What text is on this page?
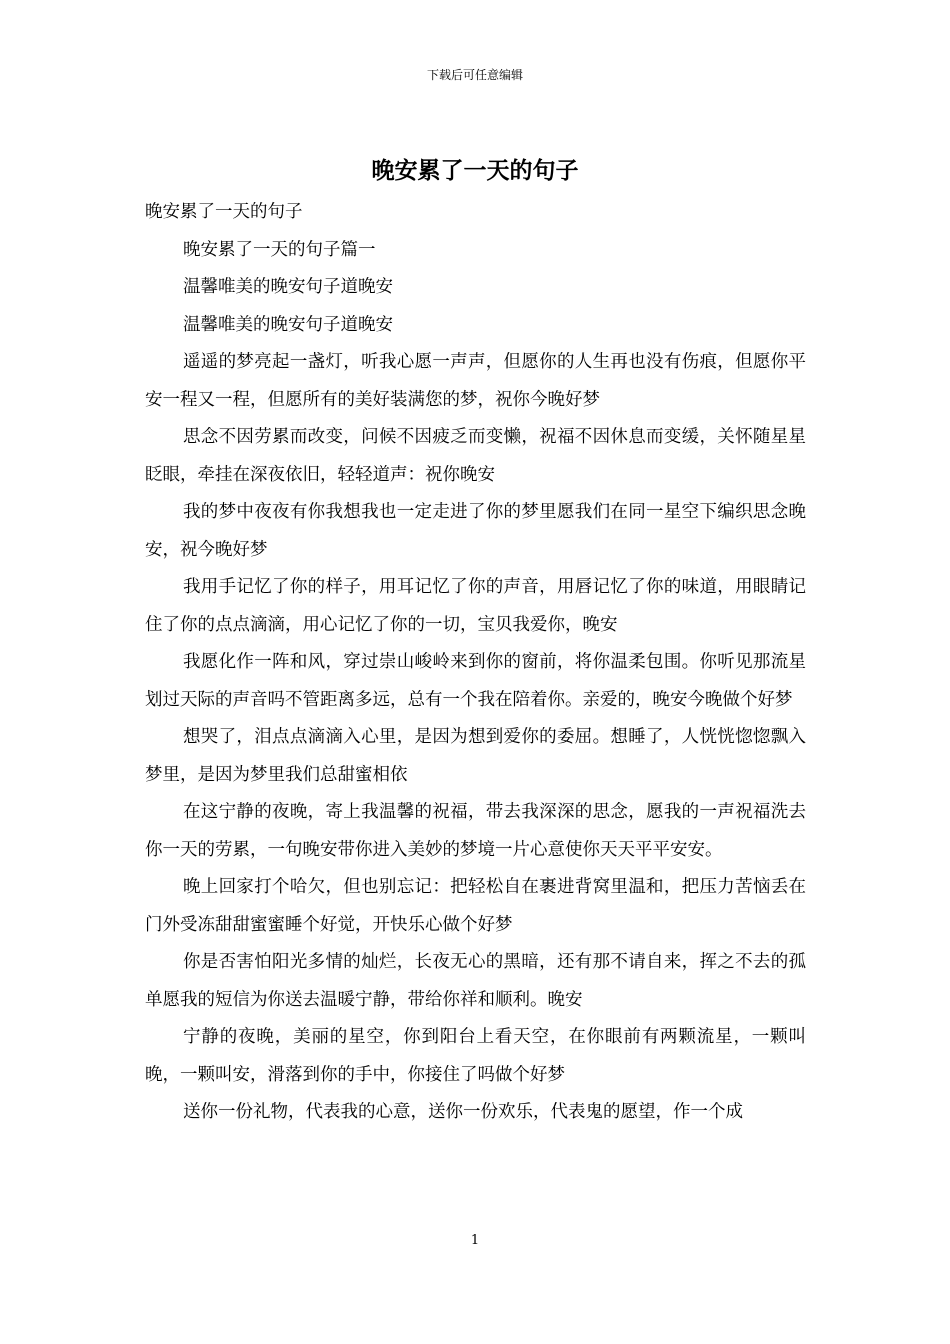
下载后可任意编辑
晚安累了一天的句子

晚安累了一天的句子

晚安累了一天的句子篇一

温馨唯美的晚安句子道晚安

温馨唯美的晚安句子道晚安

遥遥的梦亮起一盏灯，听我心愿一声声，但愿你的人生再也没有伤痕，但愿你平安一程又一程，但愿所有的美好装满您的梦，祝你今晚好梦

思念不因劳累而改变，问候不因疲乏而变懒，祝福不因休息而变缓，关怀随星星眨眼，牵挂在深夜依旧，轻轻道声：祝你晚安

我的梦中夜夜有你我想我也一定走进了你的梦里愿我们在同一星空下编织思念晚安，祝今晚好梦

我用手记忆了你的样子，用耳记忆了你的声音，用唇记忆了你的味道，用眼睛记住了你的点点滴滴，用心记忆了你的一切，宝贝我爱你，晚安

我愿化作一阵和风，穿过崇山峻岭来到你的窗前，将你温柔包围。你听见那流星划过天际的声音吗不管距离多远，总有一个我在陪着你。亲爱的，晚安今晚做个好梦

想哭了，泪点点滴滴入心里，是因为想到爱你的委屈。想睡了，人恍恍惚惚飘入梦里，是因为梦里我们总甜蜜相依

在这宁静的夜晚，寄上我温馨的祝福，带去我深深的思念，愿我的一声祝福洗去你一天的劳累，一句晚安带你进入美妙的梦境一片心意使你天天平平安安。

晚上回家打个哈欠，但也别忘记：把轻松自在裹进背窝里温和，把压力苦恼丢在门外受冻甜甜蜜蜜睡个好觉，开快乐心做个好梦

你是否害怕阳光多情的灿烂，长夜无心的黑暗，还有那不请自来，挥之不去的孤单愿我的短信为你送去温暖宁静，带给你祥和顺利。晚安

宁静的夜晚，美丽的星空，你到阳台上看天空，在你眼前有两颗流星，一颗叫晚，一颗叫安，滑落到你的手中，你接住了吗做个好梦

送你一份礼物，代表我的心意，送你一份欢乐，代表鬼的愿望，作一个成

1
